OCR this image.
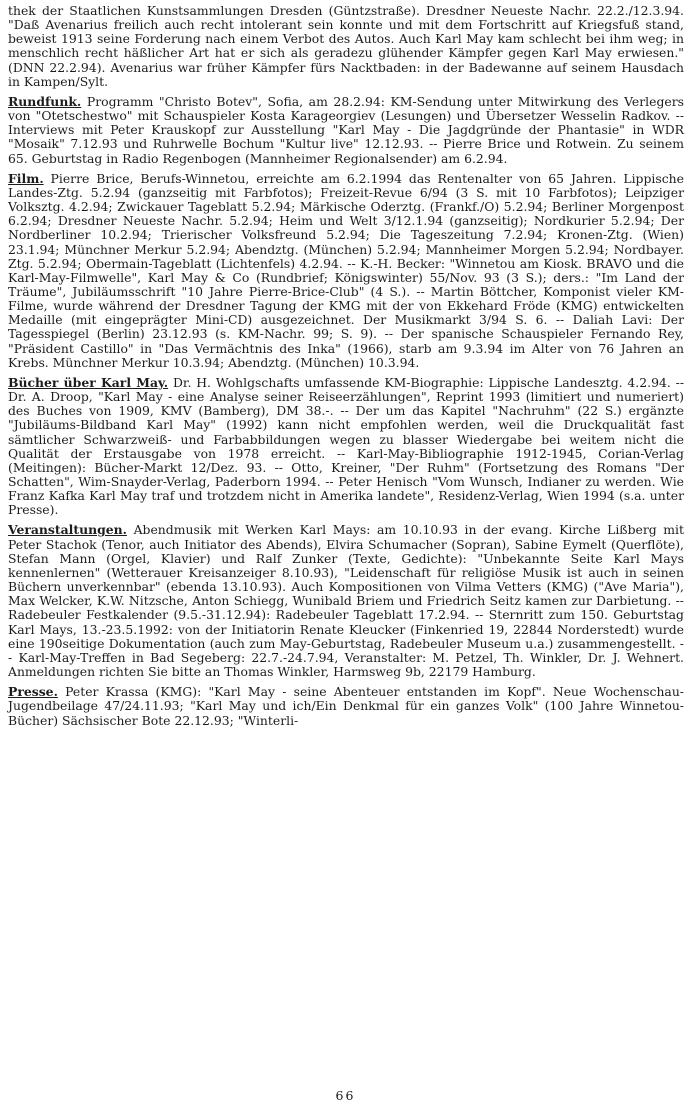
thek der Staatlichen Kunstsammlungen Dresden (Güntzstraße). Dresdner Neueste Nachr. 22.2./12.3.94. "Daß Avenarius freilich auch recht intolerant sein konnte und mit dem Fortschritt auf Kriegsfuß stand, beweist 1913 seine Forderung nach einem Verbot des Autos. Auch Karl May kam schlecht bei ihm weg; in menschlich recht häßlicher Art hat er sich als geradezu glühender Kämpfer gegen Karl May erwiesen." (DNN 22.2.94). Avenarius war früher Kämpfer fürs Nacktbaden: in der Badewanne auf seinem Hausdach in Kampen/Sylt.

Rundfunk. Programm "Christo Botev", Sofia, am 28.2.94: KM-Sendung unter Mitwirkung des Verlegers von "Otetschestwo" mit Schauspieler Kosta Karageorgiev (Lesungen) und Übersetzer Wesselin Radkov. -- Interviews mit Peter Krauskopf zur Ausstellung "Karl May - Die Jagdgründe der Phantasie" in WDR "Mosaik" 7.12.93 und Ruhrwelle Bochum "Kultur live" 12.12.93. -- Pierre Brice und Rotwein. Zu seinem 65. Geburtstag in Radio Regenbogen (Mannheimer Regionalsender) am 6.2.94.

Film. Pierre Brice, Berufs-Winnetou, erreichte am 6.2.1994 das Rentenalter von 65 Jahren. Lippische Landes-Ztg. 5.2.94 (ganzseitig mit Farbfotos); Freizeit-Revue 6/94 (3 S. mit 10 Farbfotos); Leipziger Volksztg. 4.2.94; Zwickauer Tageblatt 5.2.94; Märkische Oderztg. (Frankf./O) 5.2.94; Berliner Morgenpost 6.2.94; Dresdner Neueste Nachr. 5.2.94; Heim und Welt 3/12.1.94 (ganzseitig); Nordkurier 5.2.94; Der Nordberliner 10.2.94; Trierischer Volksfreund 5.2.94; Die Tageszeitung 7.2.94; Kronen-Ztg. (Wien) 23.1.94; Münchner Merkur 5.2.94; Abendztg. (München) 5.2.94; Mannheimer Morgen 5.2.94; Nordbayer. Ztg. 5.2.94; Obermain-Tageblatt (Lichtenfels) 4.2.94. -- K.-H. Becker: "Winnetou am Kiosk. BRAVO und die Karl-May-Filmwelle", Karl May & Co (Rundbrief; Königswinter) 55/Nov. 93 (3 S.); ders.: "Im Land der Träume", Jubiläumsschrift "10 Jahre Pierre-Brice-Club" (4 S.). -- Martin Böttcher, Komponist vieler KM-Filme, wurde während der Dresdner Tagung der KMG mit der von Ekkehard Fröde (KMG) entwickelten Medaille (mit eingeprägter Mini-CD) ausgezeichnet. Der Musikmarkt 3/94 S. 6. -- Daliah Lavi: Der Tagesspiegel (Berlin) 23.12.93 (s. KM-Nachr. 99; S. 9). -- Der spanische Schauspieler Fernando Rey, "Präsident Castillo" in "Das Vermächtnis des Inka" (1966), starb am 9.3.94 im Alter von 76 Jahren an Krebs. Münchner Merkur 10.3.94; Abendztg. (München) 10.3.94.

Bücher über Karl May. Dr. H. Wohlgschafts umfassende KM-Biographie: Lippische Landesztg. 4.2.94. -- Dr. A. Droop, "Karl May - eine Analyse seiner Reiseerzählungen", Reprint 1993 (limitiert und numeriert) des Buches von 1909, KMV (Bamberg), DM 38.-. -- Der um das Kapitel "Nachruhm" (22 S.) ergänzte "Jubiläums-Bildband Karl May" (1992) kann nicht empfohlen werden, weil die Druckqualität fast sämtlicher Schwarzweiß- und Farbabbildungen wegen zu blasser Wiedergabe bei weitem nicht die Qualität der Erstausgabe von 1978 erreicht. -- Karl-May-Bibliographie 1912-1945, Corian-Verlag (Meitingen): Bücher-Markt 12/Dez. 93. -- Otto, Kreiner, "Der Ruhm" (Fortsetzung des Romans "Der Schatten", Wim-Snayder-Verlag, Paderborn 1994. -- Peter Henisch "Vom Wunsch, Indianer zu werden. Wie Franz Kafka Karl May traf und trotzdem nicht in Amerika landete", Residenz-Verlag, Wien 1994 (s.a. unter Presse).

Veranstaltungen. Abendmusik mit Werken Karl Mays: am 10.10.93 in der evang. Kirche Lißberg mit Peter Stachok (Tenor, auch Initiator des Abends), Elvira Schumacher (Sopran), Sabine Eymelt (Querflöte), Stefan Mann (Orgel, Klavier) und Ralf Zunker (Texte, Gedichte): "Unbekannte Seite Karl Mays kennenlernen" (Wetterauer Kreisanzeiger 8.10.93), "Leidenschaft für religiöse Musik ist auch in seinen Büchern unverkennbar" (ebenda 13.10.93). Auch Kompositionen von Vilma Vetters (KMG) ("Ave Maria"), Max Welcker, K.W. Nitzsche, Anton Schiegg, Wunibald Briem und Friedrich Seitz kamen zur Darbietung. -- Radebeuler Festkalender (9.5.-31.12.94): Radebeuler Tageblatt 17.2.94. -- Sternritt zum 150. Geburtstag Karl Mays, 13.-23.5.1992: von der Initiatorin Renate Kleucker (Finkenried 19, 22844 Norderstedt) wurde eine 190seitige Dokumentation (auch zum May-Geburtstag, Radebeuler Museum u.a.) zusammengestellt. -- Karl-May-Treffen in Bad Segeberg: 22.7.-24.7.94, Veranstalter: M. Petzel, Th. Winkler, Dr. J. Wehnert. Anmeldungen richten Sie bitte an Thomas Winkler, Harmsweg 9b, 22179 Hamburg.

Presse. Peter Krassa (KMG): "Karl May - seine Abenteuer entstanden im Kopf". Neue Wochenschau-Jugendbeilage 47/24.11.93; "Karl May und ich/Ein Denkmal für ein ganzes Volk" (100 Jahre Winnetou-Bücher) Sächsischer Bote 22.12.93; "Winterli-

66
